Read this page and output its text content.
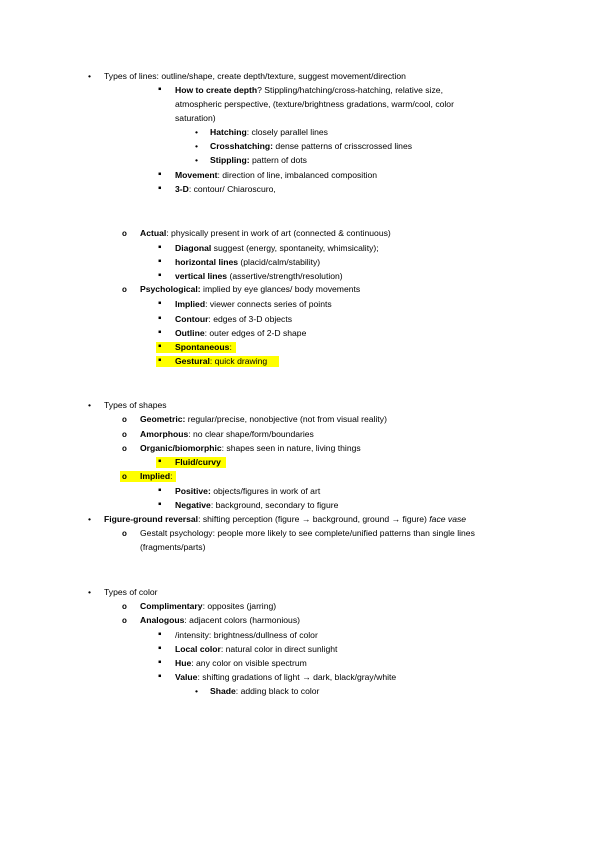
•
Types of lines: outline/shape, create depth/texture, suggest movement/direction
▪
How to create depth? Stippling/hatching/cross-hatching, relative size,
atmospheric perspective, (texture/brightness gradations, warm/cool, color
saturation)
•
Hatching: closely parallel lines
•
Crosshatching: dense patterns of crisscrossed lines
•
Stippling: pattern of dots
▪
Movement: direction of line, imbalanced composition
▪
3-D: contour/ Chiaroscuro,
o
Actual: physically present in work of art (connected & continuous)
▪
Diagonal suggest (energy, spontaneity, whimsicality);
▪
horizontal lines (placid/calm/stability)
▪
vertical lines (assertive/strength/resolution)
o
Psychological: implied by eye glances/ body movements
▪
Implied: viewer connects series of points
▪
Contour: edges of 3-D objects
▪
Outline: outer edges of 2-D shape
▪
Spontaneous:
▪
Gestural: quick drawing
•
Types of shapes
o
Geometric: regular/precise, nonobjective (not from visual reality)
o
Amorphous: no clear shape/form/boundaries
o
Organic/biomorphic: shapes seen in nature, living things
▪
Fluid/curvy
o
Implied:
▪
Positive: objects/figures in work of art
▪
Negative: background, secondary to figure
•
Figure-ground reversal: shifting perception (figure → background, ground → figure) face vase
o
Gestalt psychology: people more likely to see complete/unified patterns than single lines
(fragments/parts)
•
Types of color
o
Complimentary: opposites (jarring)
o
Analogous: adjacent colors (harmonious)
▪
/intensity: brightness/dullness of color
▪
Local color: natural color in direct sunlight
▪
Hue: any color on visible spectrum
▪
Value: shifting gradations of light → dark, black/gray/white
•
Shade: adding black to color
